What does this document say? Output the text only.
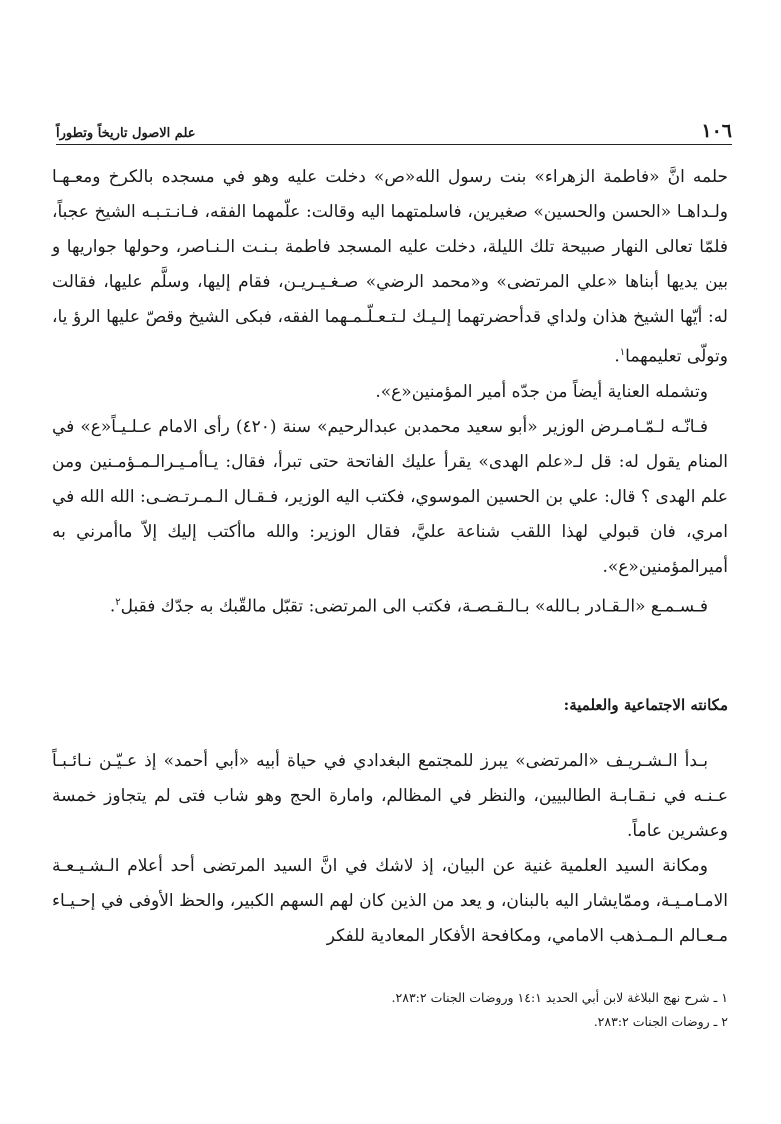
١٠٦
علم الاصول تاريخاً وتطوراً

حلمه انَّ «فاطمة الزهراء» بنت رسول الله«ص» دخلت عليه وهو في مسجده بالكرخ ومعـهـا ولـداهـا «الحسن والحسين» صغيرين، فاسلمتهما اليه وقالت: علّمهما الفقه، فـانـتـبـه الشيخ عجباً، فلمّا تعالى النهار صبيحة تلك الليلة، دخلت عليه المسجد فاطمة بـنـت الـنـاصر، وحولها جواريها و بين يديها أبناها «علي المرتضى» و«محمد الرضي» صـغـيـريـن، فقام إليها، وسلَّم عليها، فقالت له: أيّها الشيخ هذان ولداي قدأحضرتهما إلـيـك لـتـعـلّـمـهما الفقه، فبكى الشيخ وقصّ عليها الرؤ يا، وتولّى تعليمهما$^١$.

وتشمله العناية أيضاً من جدّه أمير المؤمنين«ع».

فـانّـه لـمّـامـرض الوزير «أبو سعيد محمدبن عبدالرحيم» سنة (٤٢٠) رأى الامام عـلـيـاً«ع» في المنام يقول له: قل لـ«علم الهدى» يقرأ عليك الفاتحة حتى تبرأ، فقال: يـاأمـيـرالـمـؤمـنين ومن علم الهدى ؟ قال: علي بن الحسين الموسوي، فكتب اليه الوزير، فـقـال الـمـرتـضـى: الله الله في امري، فان قبولي لهذا اللقب شناعة عليَّ، فقال الوزير: والله ماأكتب إليك إلاّ ماأمرني به أميرالمؤمنين«ع».

فـسـمـع «الـقـادر بـالله» بـالـقـصـة، فكتب الى المرتضى: تقبّل مالقّبك به جدّك فقبل$^٢$.

مكانته الاجتماعية والعلمية:

بـدأ الـشـريـف «المرتضى» يبرز للمجتمع البغدادي في حياة أبيه «أبي أحمد» إذ عـيّـن نـائـبـاً عـنـه في نـقـابـة الطالبيين، والنظر في المظالم، وامارة الحج وهو شاب فتى لم يتجاوز خمسة وعشرين عاماً.

ومكانة السيد العلمية غنية عن البيان، إذ لاشك في انَّ السيد المرتضى أحد أعلام الـشـيـعـة الامـامـيـة، وممّايشار اليه بالبنان، و يعد من الذين كان لهم السهم الكبير، والحظ الأوفى في إحـيـاء مـعـالم الـمـذهب الامامي، ومكافحة الأفكار المعادية للفكر

١ ـ شرح نهج البلاغة لابن أبي الحديد ١٤:١ وروضات الجنات ٢٨٣:٢.

٢ ـ روضات الجنات ٢٨٣:٢.
